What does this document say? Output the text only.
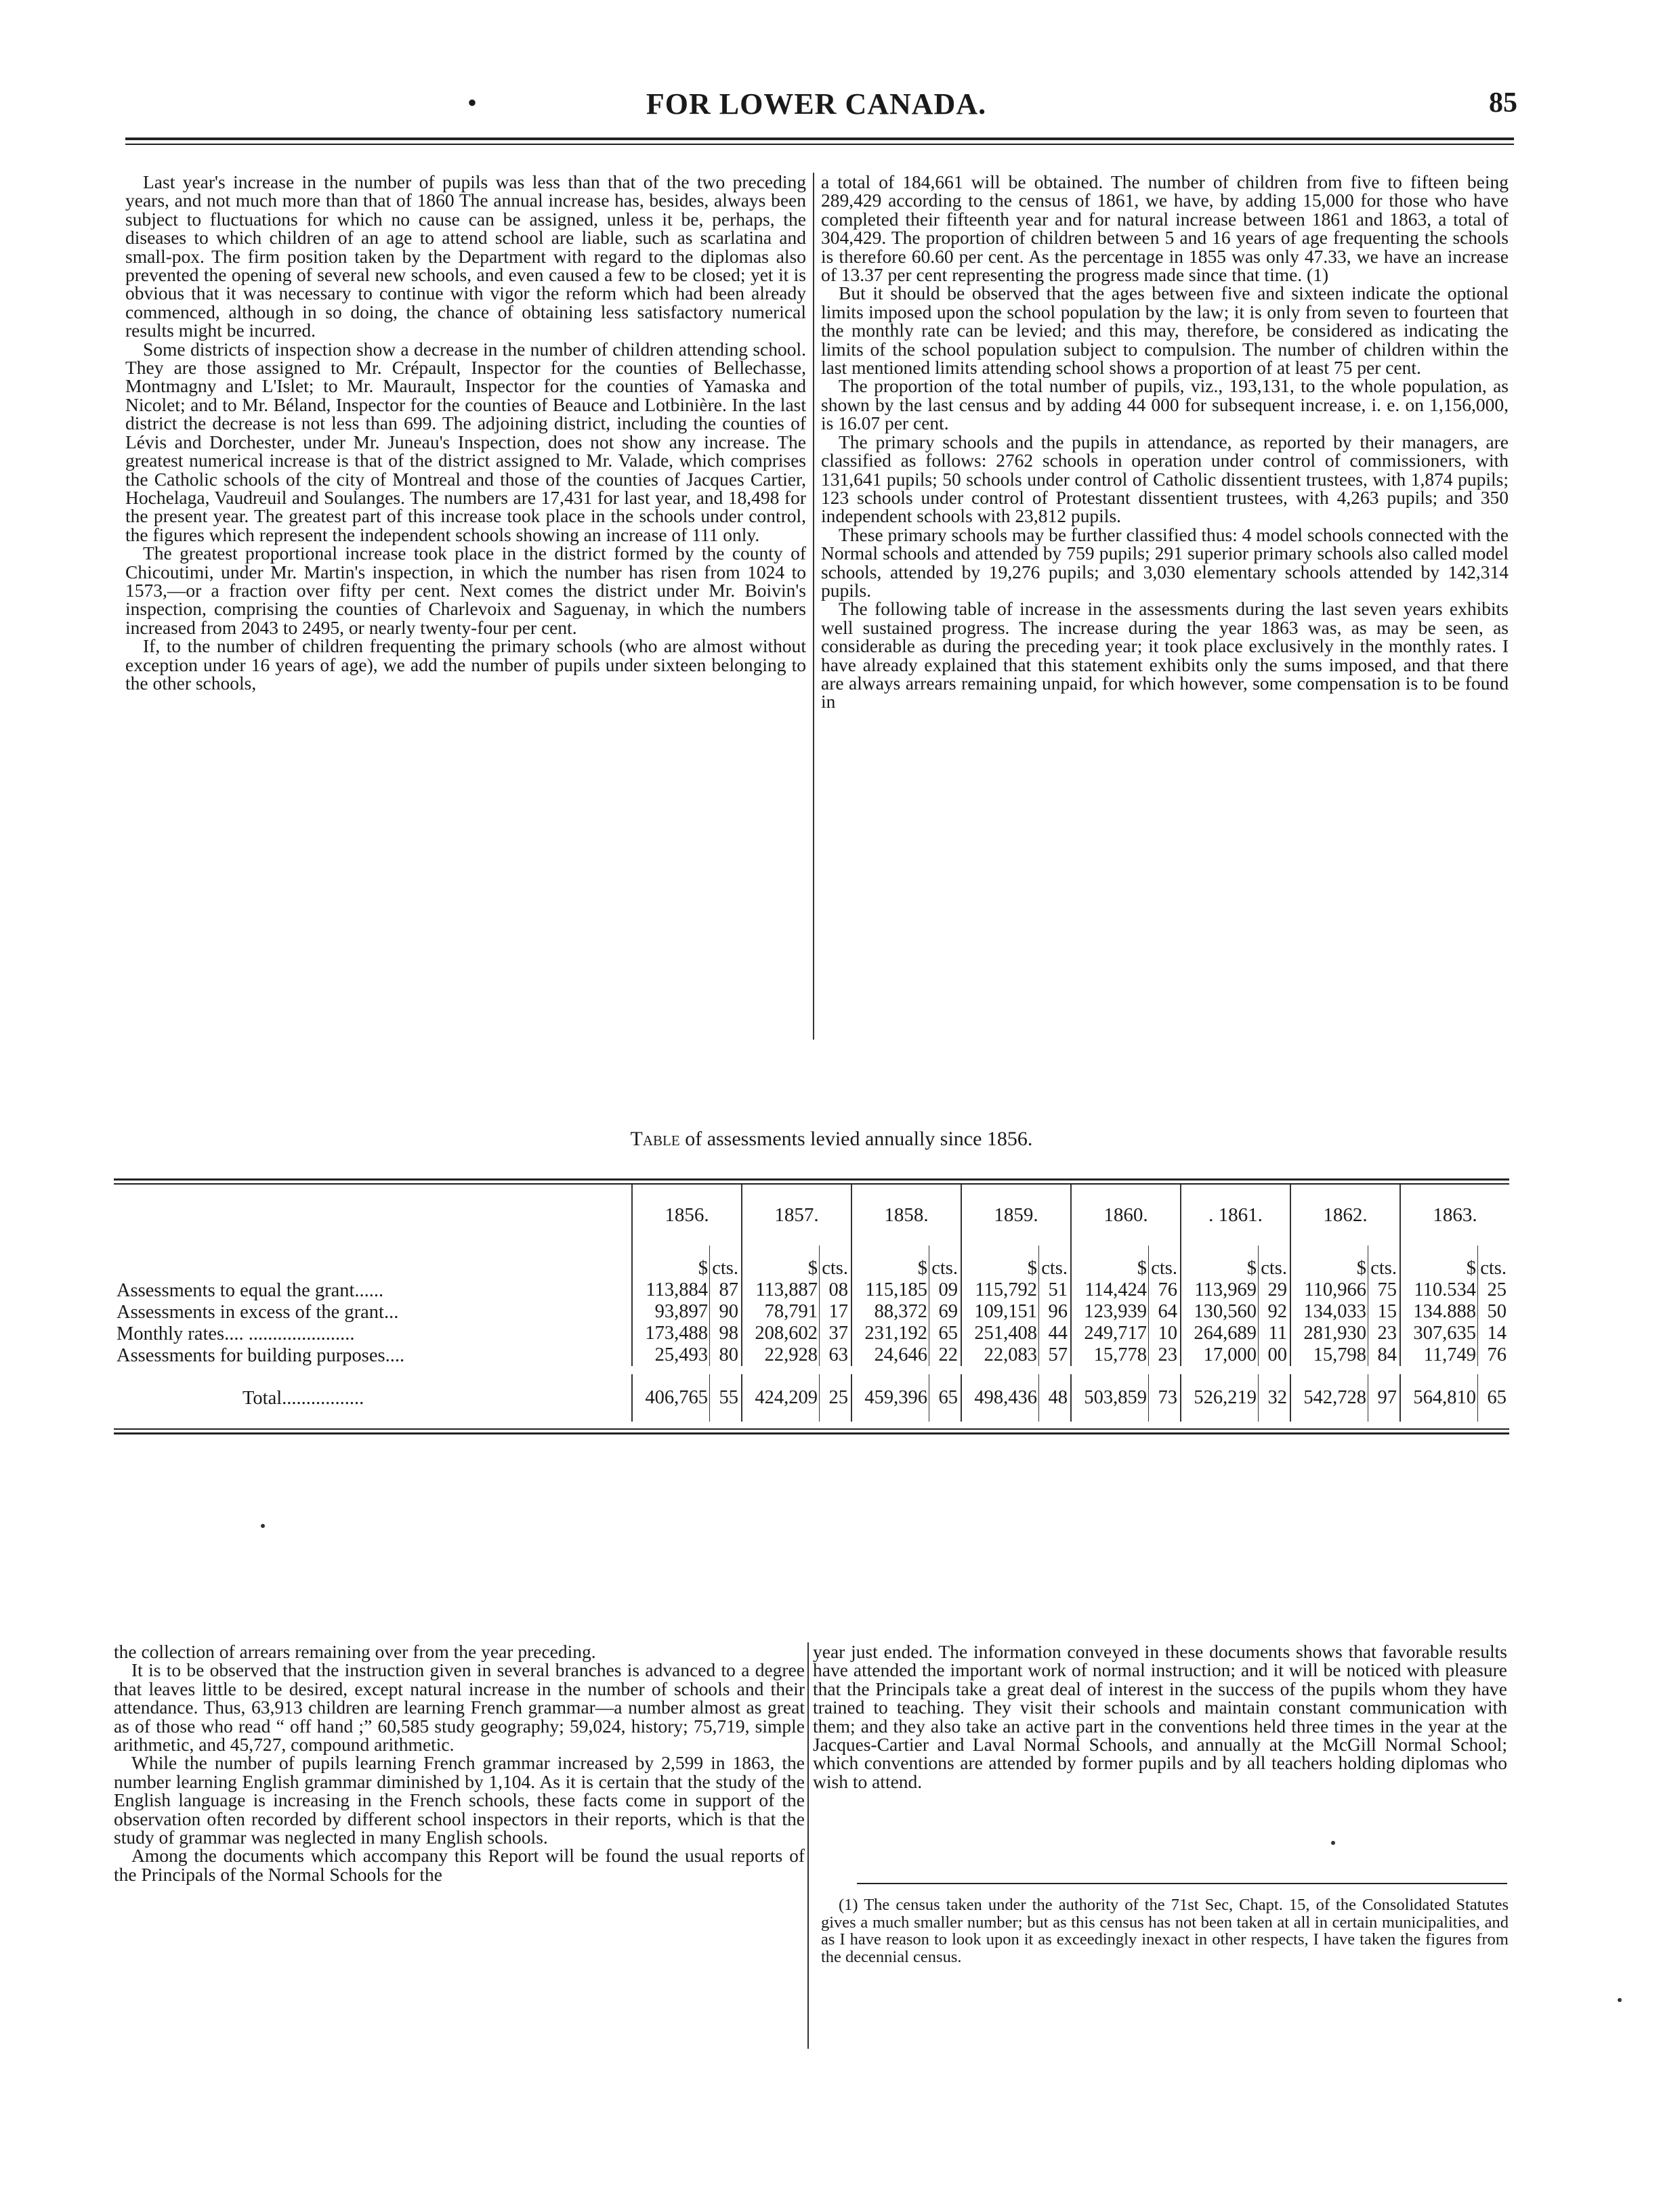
•	FOR LOWER CANADA.	85

Last year's increase in the number of pupils was less than that of the two preceding years, and not much more than that of 1860 The annual increase has, besides, always been subject to fluctuations for which no cause can be assigned, unless it be, perhaps, the diseases to which children of an age to attend school are liable, such as scarlatina and small-pox. The firm position taken by the Department with regard to the diplomas also prevented the opening of several new schools, and even caused a few to be closed; yet it is obvious that it was necessary to continue with vigor the reform which had been already commenced, although in so doing, the chance of obtaining less satisfactory numerical results might be incurred.

Some districts of inspection show a decrease in the number of children attending school. They are those assigned to Mr. Crépault, Inspector for the counties of Bellechasse, Montmagny and L'Islet; to Mr. Maurault, Inspector for the counties of Yamaska and Nicolet; and to Mr. Béland, Inspector for the counties of Beauce and Lotbinière. In the last district the decrease is not less than 699. The adjoining district, including the counties of Lévis and Dorchester, under Mr. Juneau's Inspection, does not show any increase. The greatest numerical increase is that of the district assigned to Mr. Valade, which comprises the Catholic schools of the city of Montreal and those of the counties of Jacques Cartier, Hochelaga, Vaudreuil and Soulanges. The numbers are 17,431 for last year, and 18,498 for the present year. The greatest part of this increase took place in the schools under control, the figures which represent the independent schools showing an increase of 111 only.

The greatest proportional increase took place in the district formed by the county of Chicoutimi, under Mr. Martin's inspection, in which the number has risen from 1024 to 1573,—or a fraction over fifty per cent. Next comes the district under Mr. Boivin's inspection, comprising the counties of Charlevoix and Saguenay, in which the numbers increased from 2043 to 2495, or nearly twenty-four per cent.

If, to the number of children frequenting the primary schools (who are almost without exception under 16 years of age), we add the number of pupils under sixteen belonging to the other schools,

a total of 184,661 will be obtained. The number of children from five to fifteen being 289,429 according to the census of 1861, we have, by adding 15,000 for those who have completed their fifteenth year and for natural increase between 1861 and 1863, a total of 304,429. The proportion of children between 5 and 16 years of age frequenting the schools is therefore 60.60 per cent. As the percentage in 1855 was only 47.33, we have an increase of 13.37 per cent representing the progress made since that time. (1)

But it should be observed that the ages between five and sixteen indicate the optional limits imposed upon the school population by the law; it is only from seven to fourteen that the monthly rate can be levied; and this may, therefore, be considered as indicating the limits of the school population subject to compulsion. The number of children within the last mentioned limits attending school shows a proportion of at least 75 per cent.

The proportion of the total number of pupils, viz., 193,131, to the whole population, as shown by the last census and by adding 44 000 for subsequent increase, i. e. on 1,156,000, is 16.07 per cent.

The primary schools and the pupils in attendance, as reported by their managers, are classified as follows: 2762 schools in operation under control of commissioners, with 131,641 pupils; 50 schools under control of Catholic dissentient trustees, with 1,874 pupils; 123 schools under control of Protestant dissentient trustees, with 4,263 pupils; and 350 independent schools with 23,812 pupils.

These primary schools may be further classified thus: 4 model schools connected with the Normal schools and attended by 759 pupils; 291 superior primary schools also called model schools, attended by 19,276 pupils; and 3,030 elementary schools attended by 142,314 pupils.

The following table of increase in the assessments during the last seven years exhibits well sustained progress. The increase during the year 1863 was, as may be seen, as considerable as during the preceding year; it took place exclusively in the monthly rates. I have already explained that this statement exhibits only the sums imposed, and that there are always arrears remaining unpaid, for which however, some compensation is to be found in

Table of assessments levied annually since 1856.
	1856.		1857.		1858.		1859.		1860.		. 1861.		1862.		1863.	
	$	cts.	$	cts.	$	cts.	$	cts.	$	cts.	$	cts.	$	cts.	$	cts.
Assessments to equal the grant......	113,884	87	113,887	08	115,185	09	115,792	51	114,424	76	113,969	29	110,966	75	110.534	25
Assessments in excess of the grant...	93,897	90	78,791	17	88,372	69	109,151	96	123,939	64	130,560	92	134,033	15	134.888	50
Monthly rates.... ......................	173,488	98	208,602	37	231,192	65	251,408	44	249,717	10	264,689	11	281,930	23	307,635	14
Assessments for building purposes....	25,493	80	22,928	63	24,646	22	22,083	57	15,778	23	17,000	00	15,798	84	11,749	76

Total.................	406,765	55	424,209	25	459,396	65	498,436	48	503,859	73	526,219	32	542,728	97	564,810	65

the collection of arrears remaining over from the year preceding.

It is to be observed that the instruction given in several branches is advanced to a degree that leaves little to be desired, except natural increase in the number of schools and their attendance. Thus, 63,913 children are learning French grammar—a number almost as great as of those who read “ off hand ;” 60,585 study geography; 59,024, history; 75,719, simple arithmetic, and 45,727, compound arithmetic.

While the number of pupils learning French grammar increased by 2,599 in 1863, the number learning English grammar diminished by 1,104. As it is certain that the study of the English language is increasing in the French schools, these facts come in support of the observation often recorded by different school inspectors in their reports, which is that the study of grammar was neglected in many English schools.

Among the documents which accompany this Report will be found the usual reports of the Principals of the Normal Schools for the

year just ended. The information conveyed in these documents shows that favorable results have attended the important work of normal instruction; and it will be noticed with pleasure that the Principals take a great deal of interest in the success of the pupils whom they have trained to teaching. They visit their schools and maintain constant communication with them; and they also take an active part in the conventions held three times in the year at the Jacques-Cartier and Laval Normal Schools, and annually at the McGill Normal School; which conventions are attended by former pupils and by all teachers holding diplomas who wish to attend.

(1) The census taken under the authority of the 71st Sec, Chapt. 15, of the Consolidated Statutes gives a much smaller number; but as this census has not been taken at all in certain municipalities, and as I have reason to look upon it as exceedingly inexact in other respects, I have taken the figures from the decennial census.
